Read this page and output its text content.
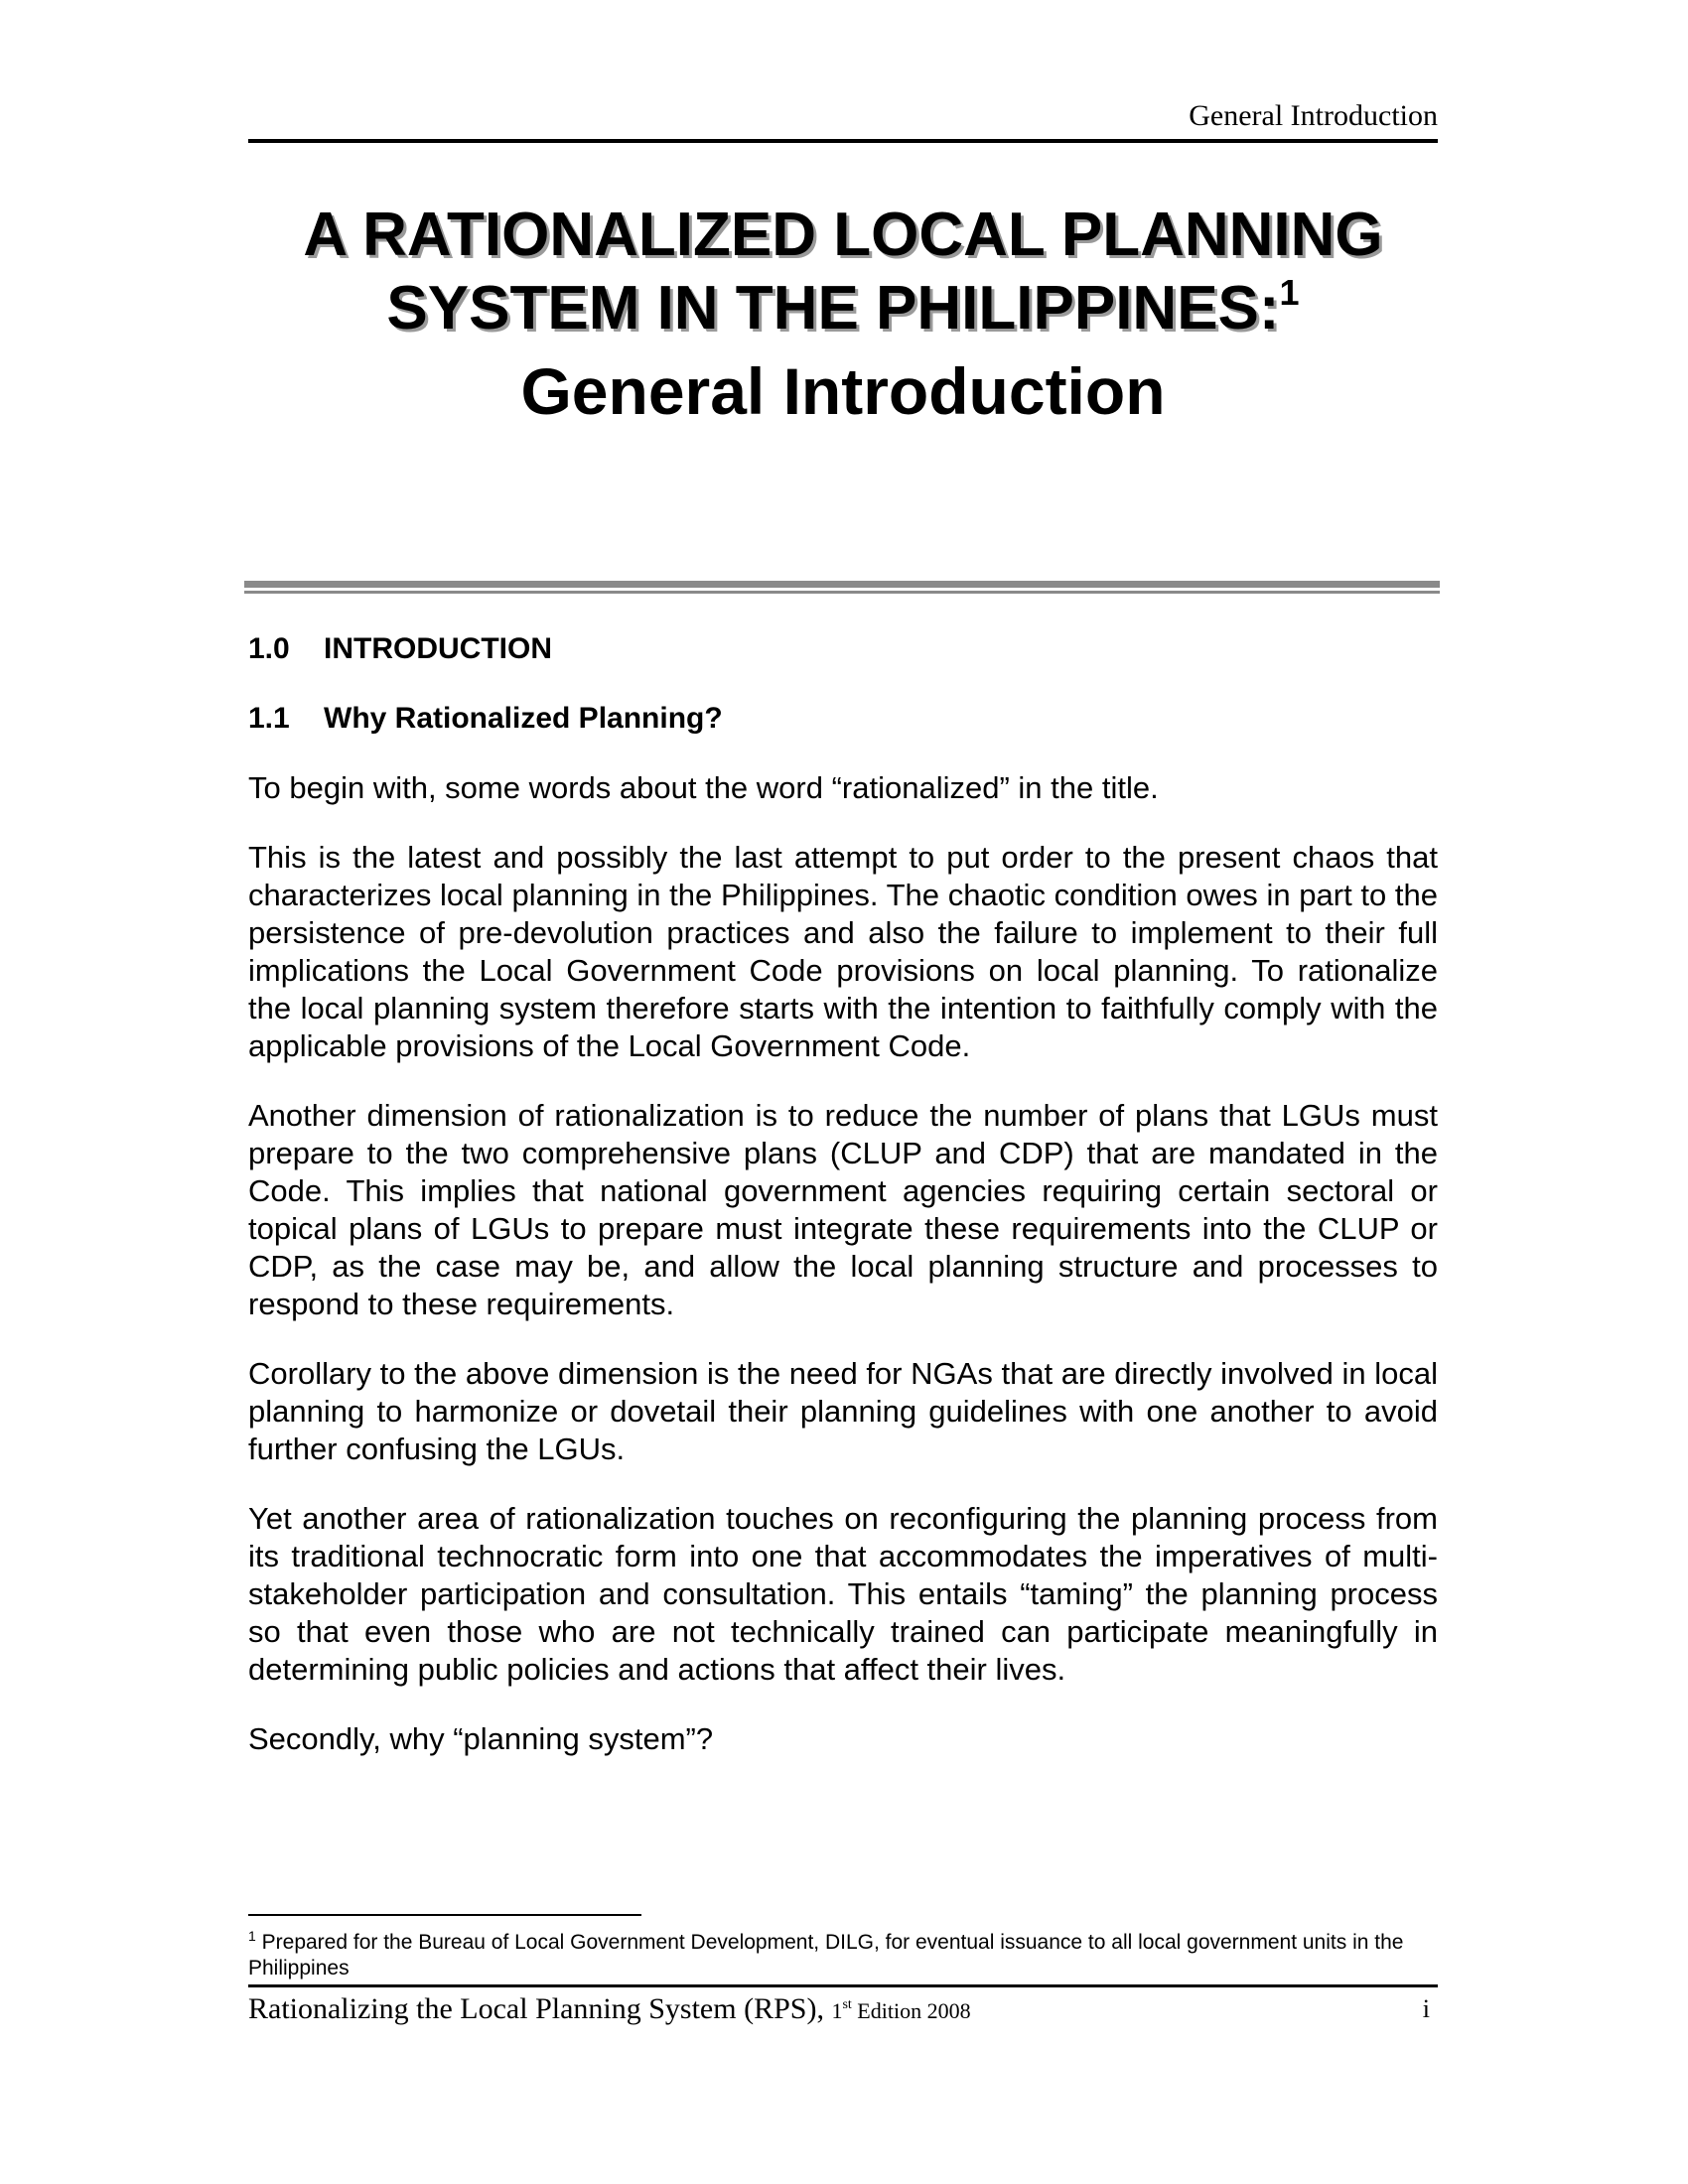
General Introduction
A RATIONALIZED LOCAL PLANNING
SYSTEM IN THE PHILIPPINES:$^1$
General Introduction
1.0	INTRODUCTION
1.1	Why Rationalized Planning?

To begin with, some words about the word “rationalized” in the title.

This is the latest and possibly the last attempt to put order to the present chaos that characterizes local planning in the Philippines. The chaotic condition owes in part to the persistence of pre-devolution practices and also the failure to implement to their full implications the Local Government Code provisions on local planning. To rationalize the local planning system therefore starts with the intention to faithfully comply with the applicable provisions of the Local Government Code.

Another dimension of rationalization is to reduce the number of plans that LGUs must prepare to the two comprehensive plans (CLUP and CDP) that are mandated in the Code. This implies that national government agencies requiring certain sectoral or topical plans of LGUs to prepare must integrate these requirements into the CLUP or CDP, as the case may be, and allow the local planning structure and processes to respond to these requirements.

Corollary to the above dimension is the need for NGAs that are directly involved in local planning to harmonize or dovetail their planning guidelines with one another to avoid further confusing the LGUs.

Yet another area of rationalization touches on reconfiguring the planning process from its traditional technocratic form into one that accommodates the imperatives of multi-stakeholder participation and consultation. This entails “taming” the planning process so that even those who are not technically trained can participate meaningfully in determining public policies and actions that affect their lives.

Secondly, why “planning system”?

$^1$ Prepared for the Bureau of Local Government Development, DILG, for eventual issuance to all local government units in the Philippines
Rationalizing the Local Planning System (RPS), 1st Edition 2008	i
